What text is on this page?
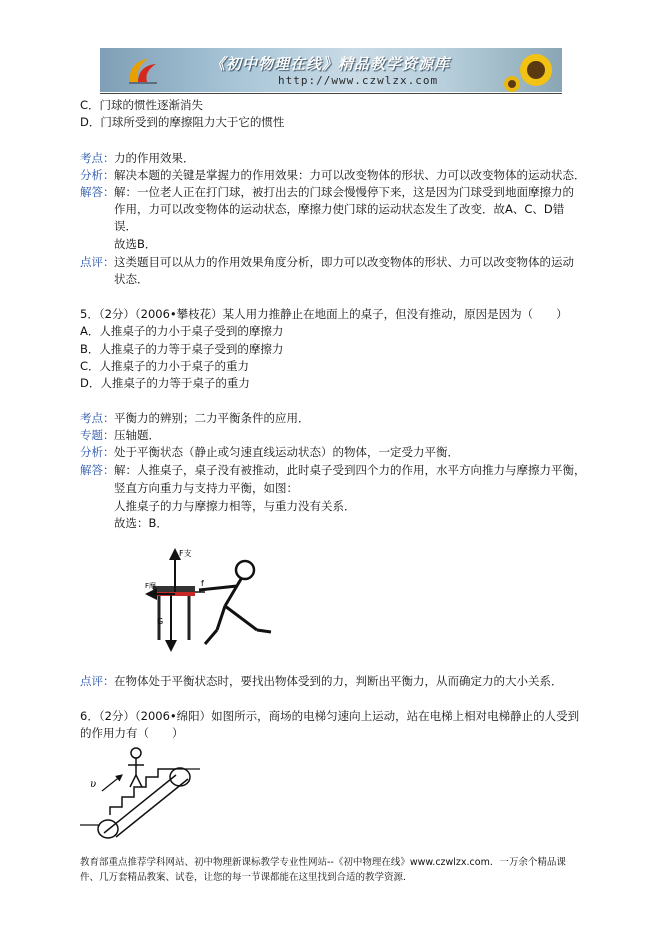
《初中物理在线》精品教学资源库
http://www.czwlzx.com
C．门球的惯性逐渐消失
D．门球所受到的摩擦阻力大于它的惯性
考点： 力的作用效果．
分析： 解决本题的关键是掌握力的作用效果：力可以改变物体的形状、力可以改变物体的运动状态．
解答： 解：一位老人正在打门球，被打出去的门球会慢慢停下来，这是因为门球受到地面摩擦力的
作用，力可以改变物体的运动状态，摩擦力使门球的运动状态发生了改变．故A、C、D错
误．
故选B．
点评： 这类题目可以从力的作用效果角度分析，即力可以改变物体的形状、力可以改变物体的运动
状态．
5．（2分）（2006•攀枝花）某人用力推静止在地面上的桌子，但没有推动，原因是因为（　　）
A．人推桌子的力小于桌子受到的摩擦力
B．人推桌子的力等于桌子受到的摩擦力
C．人推桌子的力小于桌子的重力
D．人推桌子的力等于桌子的重力
考点： 平衡力的辨别；二力平衡条件的应用．
专题： 压轴题．
分析： 处于平衡状态（静止或匀速直线运动状态）的物体，一定受力平衡．
解答： 解：人推桌子，桌子没有被推动，此时桌子受到四个力的作用，水平方向推力与摩擦力平衡，
竖直方向重力与支持力平衡，如图：
人推桌子的力与摩擦力相等，与重力没有关系．
故选：B．
F支
F摩	f
G
点评： 在物体处于平衡状态时，要找出物体受到的力，判断出平衡力，从而确定力的大小关系．
6．（2分）（2006•绵阳）如图所示，商场的电梯匀速向上运动，站在电梯上相对电梯静止的人受到
的作用力有（　　）
υ
教育部重点推荐学科网站、初中物理新课标教学专业性网站--《初中物理在线》www.czwlzx.com．一万余个精品课
件、几万套精品教案、试卷，让您的每一节课都能在这里找到合适的教学资源．
